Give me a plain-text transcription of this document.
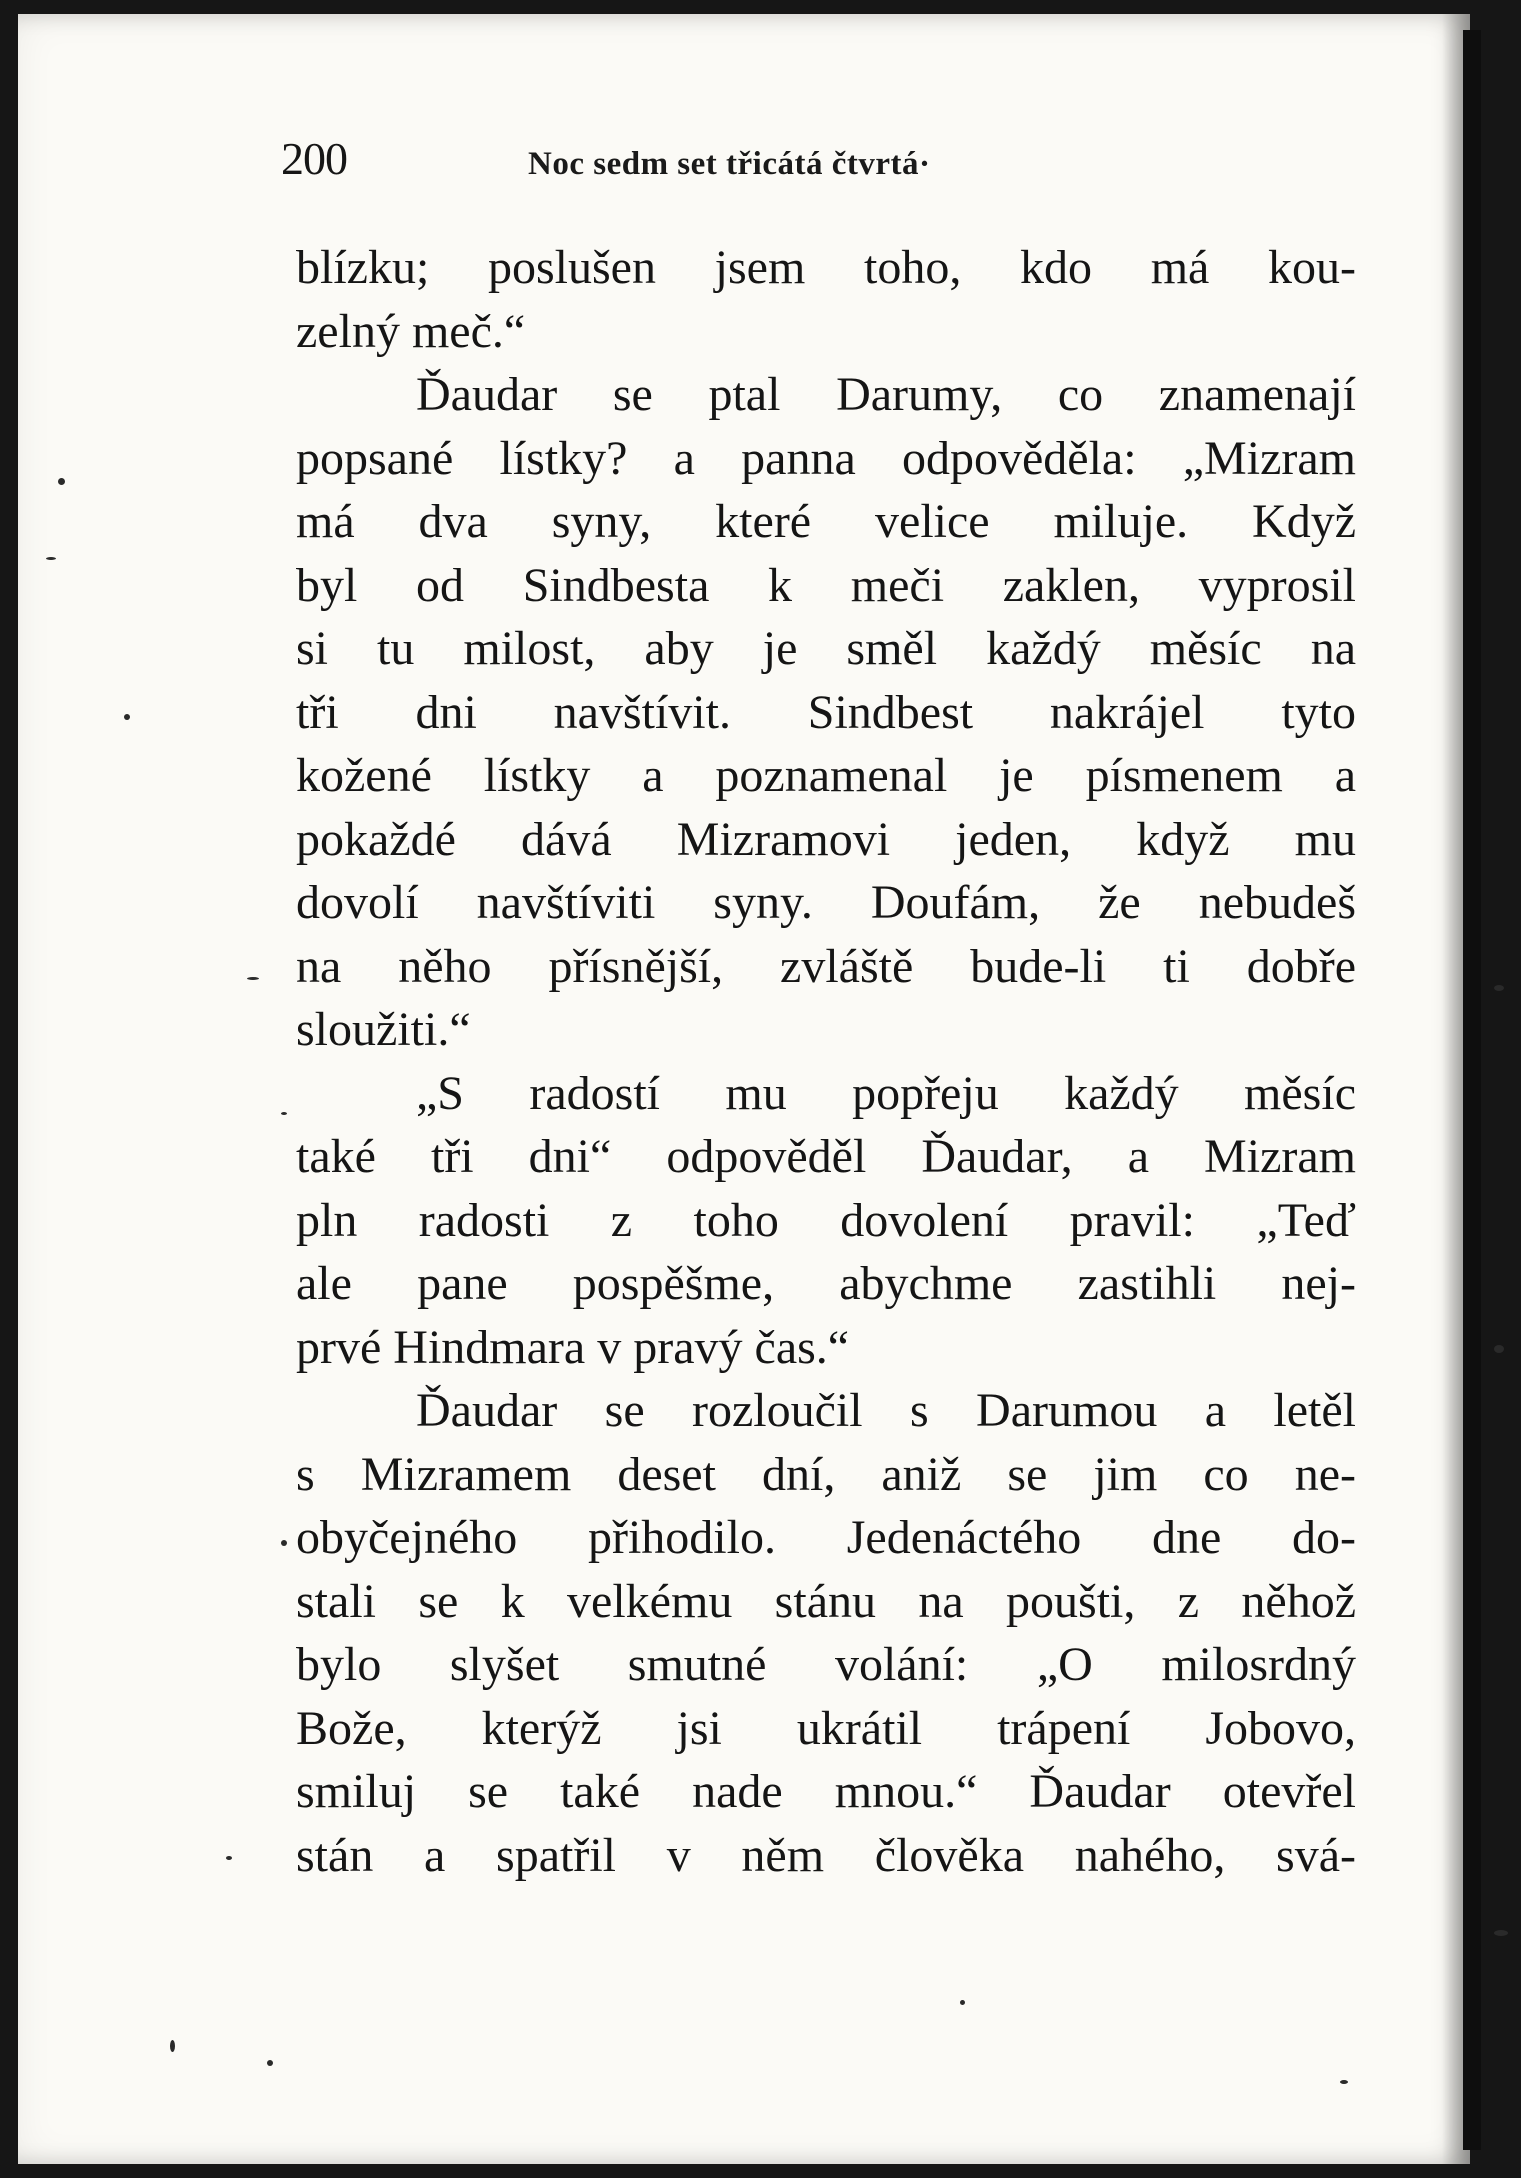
200	Noc sedm set třicátá čtvrtá·
blízku; poslušen jsem toho, kdo má kou-
zelný meč.“
Ďaudar se ptal Darumy, co znamenají
popsané lístky? a panna odpověděla: „Mizram
má dva syny, které velice miluje. Když
byl od Sindbesta k meči zaklen, vyprosil
si tu milost, aby je směl každý měsíc na
tři dni navštívit. Sindbest nakrájel tyto
kožené lístky a poznamenal je písmenem a
pokaždé dává Mizramovi jeden, když mu
dovolí navštíviti syny. Doufám, že nebudeš
na něho přísnější, zvláště bude-li ti dobře
sloužiti.“
„S radostí mu popřeju každý měsíc
také tři dni“ odpověděl Ďaudar, a Mizram
pln radosti z toho dovolení pravil: „Teď
ale pane pospěšme, abychme zastihli nej-
prvé Hindmara v pravý čas.“
Ďaudar se rozloučil s Darumou a letěl
s Mizramem deset dní, aniž se jim co ne-
obyčejného přihodilo. Jedenáctého dne do-
stali se k velkému stánu na poušti, z něhož
bylo slyšet smutné volání: „O milosrdný
Bože, kterýž jsi ukrátil trápení Jobovo,
smiluj se také nade mnou.“ Ďaudar otevřel
stán a spatřil v něm člověka nahého, svá-
